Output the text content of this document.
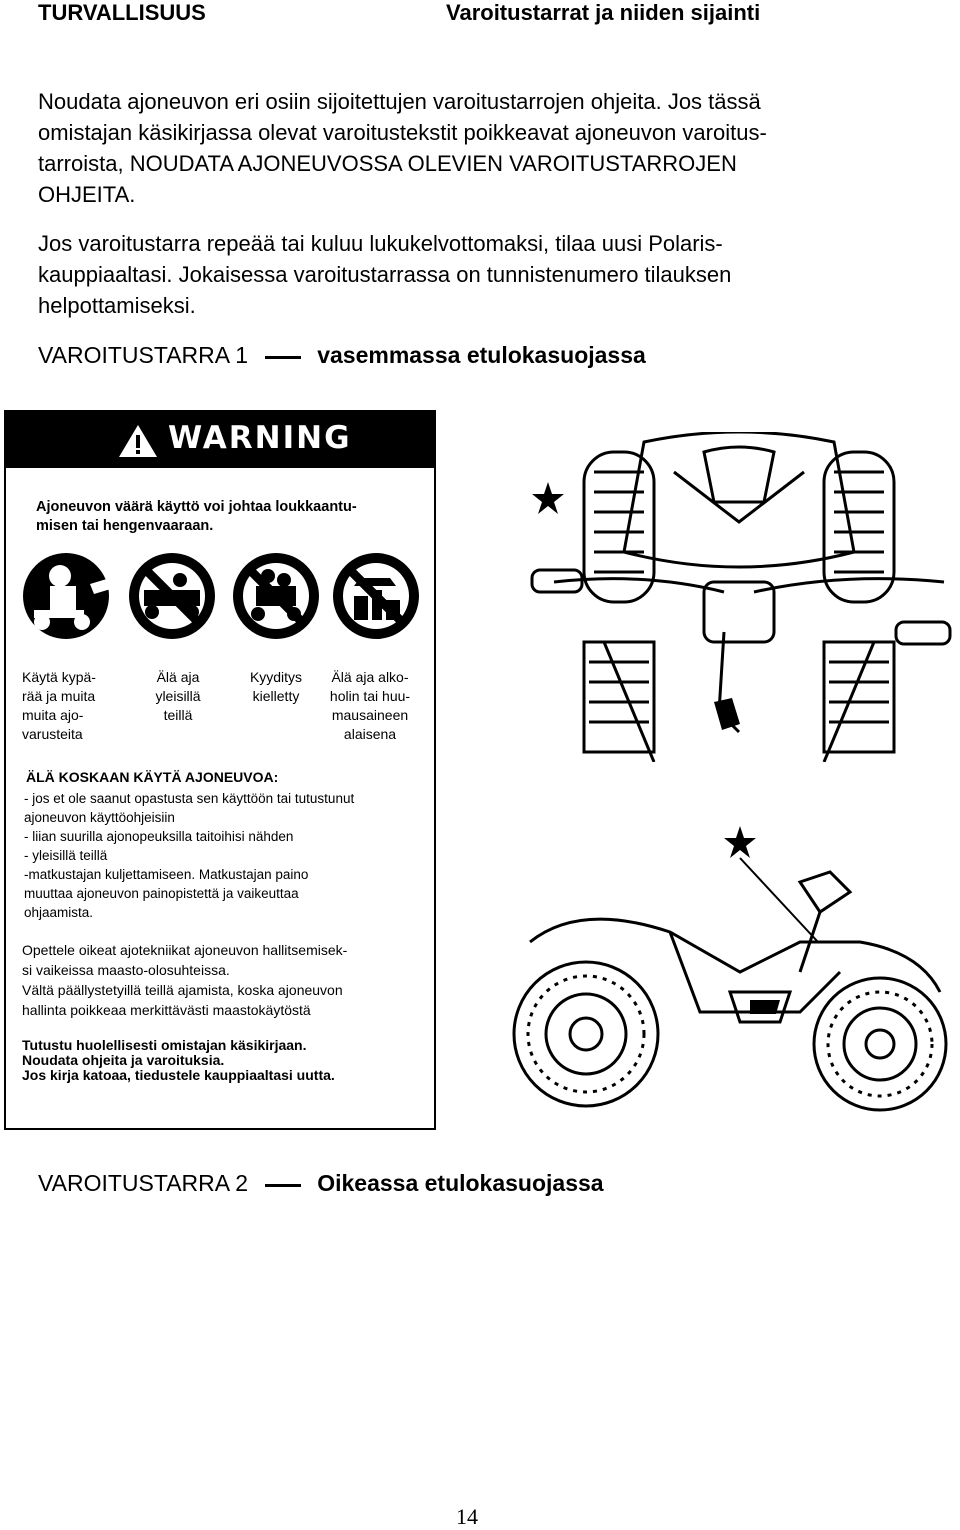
TURVALLISUUS	Varoitustarrat ja niiden sijainti
Noudata ajoneuvon eri osiin sijoitettujen varoitustarrojen ohjeita. Jos tässä
omistajan käsikirjassa olevat varoitustekstit poikkeavat ajoneuvon varoitus-
tarroista, NOUDATA AJONEUVOSSA OLEVIEN VAROITUSTARROJEN
OHJEITA.
Jos varoitustarra repeää tai kuluu lukukelvottomaksi, tilaa uusi Polaris-
kauppiaaltasi. Jokaisessa varoitustarrassa on tunnistenumero tilauksen
helpottamiseksi.
VAROITUSTARRA 1	vasemmassa etulokasuojassa
WARNING
Ajoneuvon väärä käyttö voi johtaa loukkaantu-
misen tai hengenvaaraan.
Käytä kypä-
rää ja muita
muita ajo-
varusteita
Älä aja
yleisillä
teillä
Kyyditys
kielletty
Älä aja alko-
holin tai huu-
mausaineen
alaisena
ÄLÄ KOSKAAN KÄYTÄ AJONEUVOA:
- jos et ole saanut opastusta sen käyttöön tai tutustunut
ajoneuvon käyttöohjeisiin
- liian suurilla ajonopeuksilla taitoihisi nähden
- yleisillä teillä
-matkustajan kuljettamiseen. Matkustajan paino
muuttaa ajoneuvon painopistettä ja vaikeuttaa
ohjaamista.
Opettele oikeat ajotekniikat ajoneuvon hallitsemisek-
si vaikeissa maasto-olosuhteissa.
Vältä päällystetyillä teillä ajamista, koska ajoneuvon
hallinta poikkeaa merkittävästi maastokäytöstä
Tutustu huolellisesti omistajan käsikirjaan.
Noudata ohjeita ja varoituksia.
Jos kirja katoaa, tiedustele kauppiaaltasi uutta.
VAROITUSTARRA 2	Oikeassa etulokasuojassa
14
